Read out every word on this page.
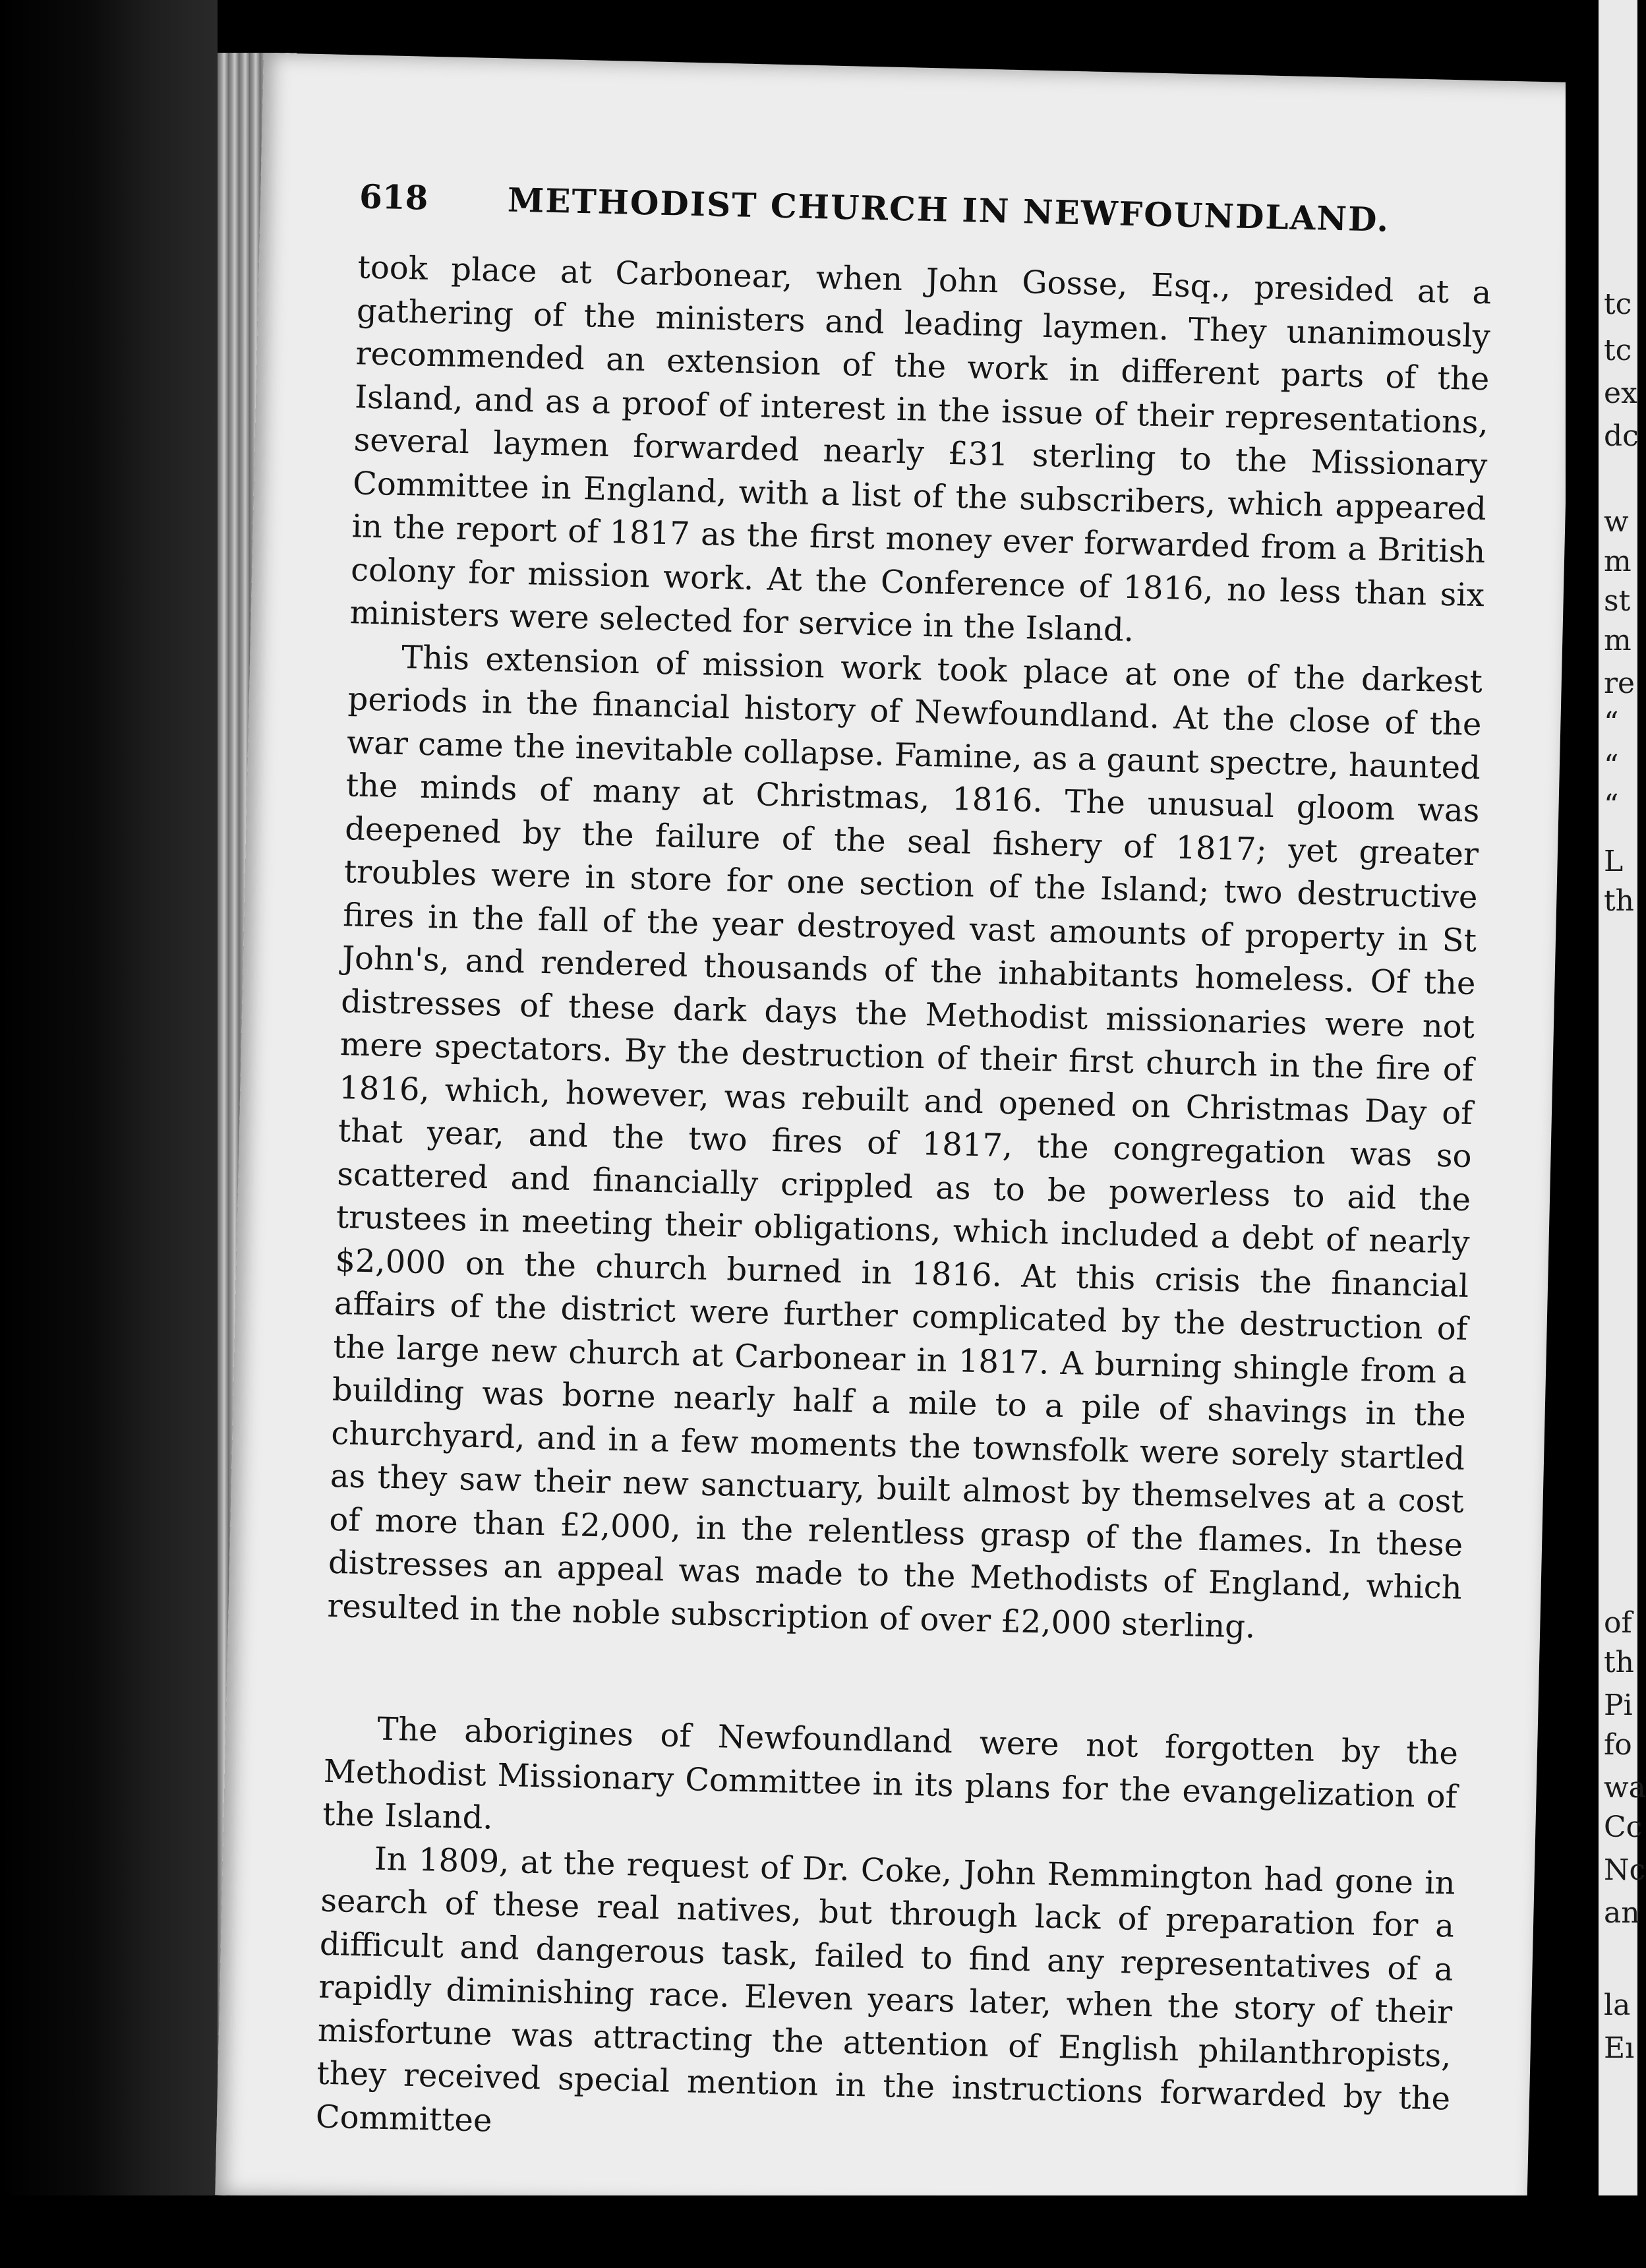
618 METHODIST CHURCH IN NEWFOUNDLAND.

took place at Carbonear, when John Gosse, Esq., presided at a gathering of the ministers and leading laymen. They unanimously recommended an extension of the work in different parts of the Island, and as a proof of interest in the issue of their representations, several laymen forwarded nearly £31 sterling to the Missionary Committee in England, with a list of the subscribers, which appeared in the report of 1817 as the first money ever forwarded from a British colony for mission work. At the Conference of 1816, no less than six ministers were selected for service in the Island.

This extension of mission work took place at one of the darkest periods in the financial history of Newfoundland. At the close of the war came the inevitable collapse. Famine, as a gaunt spectre, haunted the minds of many at Christmas, 1816. The unusual gloom was deepened by the failure of the seal fishery of 1817; yet greater troubles were in store for one section of the Island; two destructive fires in the fall of the year destroyed vast amounts of property in St John's, and rendered thousands of the inhabitants homeless. Of the distresses of these dark days the Methodist missionaries were not mere spectators. By the destruction of their first church in the fire of 1816, which, however, was rebuilt and opened on Christmas Day of that year, and the two fires of 1817, the congregation was so scattered and financially crippled as to be powerless to aid the trustees in meeting their obligations, which included a debt of nearly $2,000 on the church burned in 1816. At this crisis the financial affairs of the district were further complicated by the destruction of the large new church at Carbonear in 1817. A burning shingle from a building was borne nearly half a mile to a pile of shavings in the churchyard, and in a few moments the townsfolk were sorely startled as they saw their new sanctuary, built almost by themselves at a cost of more than £2,000, in the relentless grasp of the flames. In these distresses an appeal was made to the Methodists of England, which resulted in the noble subscription of over £2,000 sterling.

The aborigines of Newfoundland were not forgotten by the Methodist Missionary Committee in its plans for the evangelization of the Island.

In 1809, at the request of Dr. Coke, John Remmington had gone in search of these real natives, but through lack of preparation for a difficult and dangerous task, failed to find any representatives of a rapidly diminishing race. Eleven years later, when the story of their misfortune was attracting the attention of English philanthropists, they received special mention in the instructions forwarded by the Committee

tc
tc
ex
dc
w
m
st
m
re
“
“
“
L
th
of
th
Pi
fo
wa
Cc
Nc
an
la
Eı
